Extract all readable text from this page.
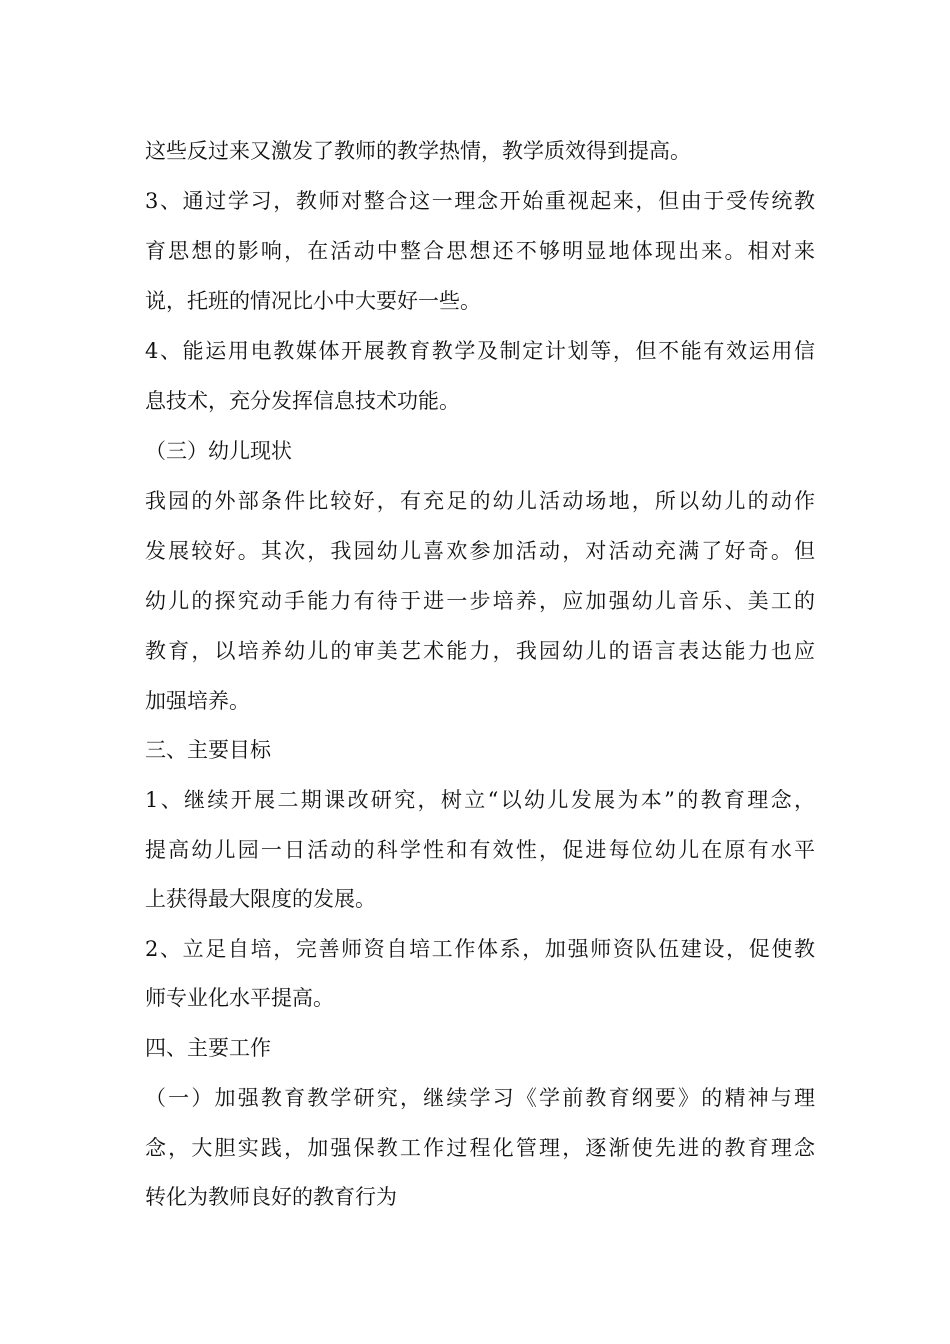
这些反过来又激发了教师的教学热情，教学质效得到提高。
3、通过学习，教师对整合这一理念开始重视起来，但由于受传统教
育思想的影响，在活动中整合思想还不够明显地体现出来。相对来
说，托班的情况比小中大要好一些。
4、能运用电教媒体开展教育教学及制定计划等，但不能有效运用信
息技术，充分发挥信息技术功能。
（三）幼儿现状
我园的外部条件比较好，有充足的幼儿活动场地，所以幼儿的动作
发展较好。其次，我园幼儿喜欢参加活动，对活动充满了好奇。但
幼儿的探究动手能力有待于进一步培养，应加强幼儿音乐、美工的
教育，以培养幼儿的审美艺术能力，我园幼儿的语言表达能力也应
加强培养。
三、主要目标
1、继续开展二期课改研究，树立“以幼儿发展为本”的教育理念，
提高幼儿园一日活动的科学性和有效性，促进每位幼儿在原有水平
上获得最大限度的发展。
2、立足自培，完善师资自培工作体系，加强师资队伍建设，促使教
师专业化水平提高。
四、主要工作
（一）加强教育教学研究，继续学习《学前教育纲要》的精神与理
念，大胆实践，加强保教工作过程化管理，逐渐使先进的教育理念
转化为教师良好的教育行为
